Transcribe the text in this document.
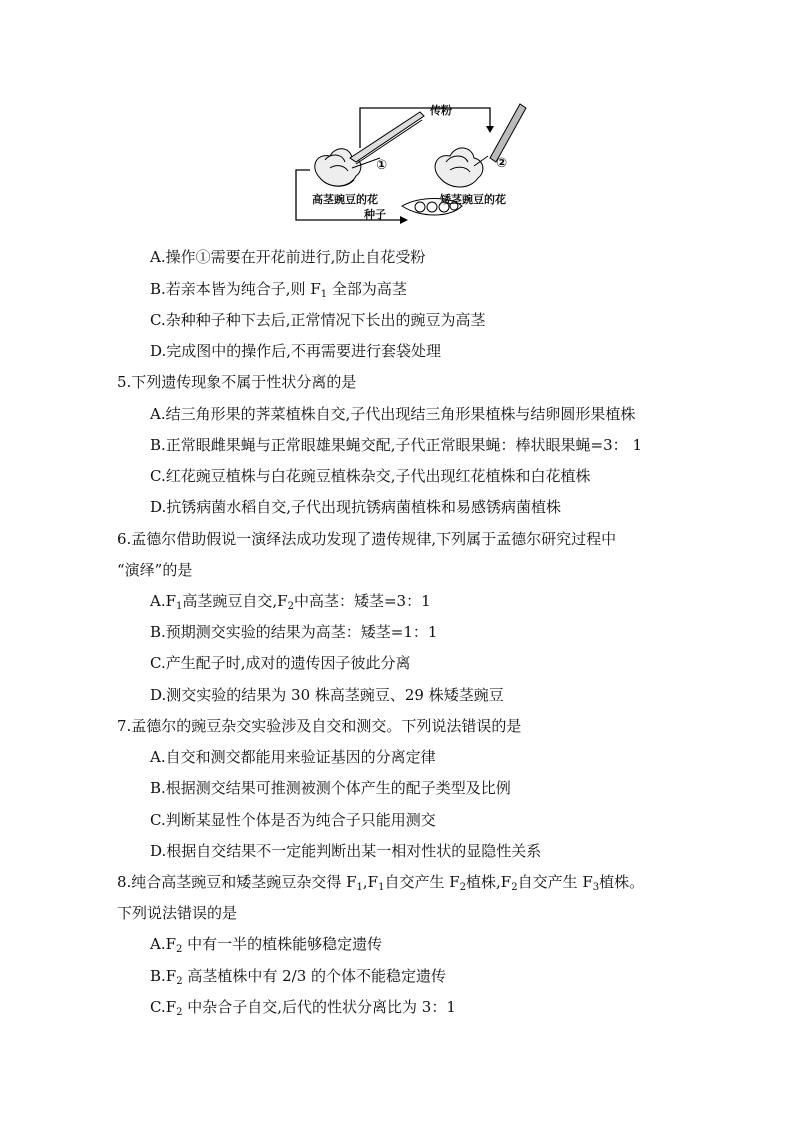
传粉
①	②
高茎豌豆的花	矮茎豌豆的花
种子
A.操作①需要在开花前进行,防止自花受粉
B.若亲本皆为纯合子,则 $F_1$ 全部为高茎
C.杂种种子种下去后,正常情况下长出的豌豆为高茎
D.完成图中的操作后,不再需要进行套袋处理
5.下列遗传现象不属于性状分离的是
A.结三角形果的荠菜植株自交,子代出现结三角形果植株与结卵圆形果植株
B.正常眼雌果蝇与正常眼雄果蝇交配,子代正常眼果蝇：棒状眼果蝇=3： 1
C.红花豌豆植株与白花豌豆植株杂交,子代出现红花植株和白花植株
D.抗锈病菌水稻自交,子代出现抗锈病菌植株和易感锈病菌植株
6.孟德尔借助假说一演绎法成功发现了遗传规律,下列属于孟德尔研究过程中
“演绎”的是
$A.F_1$高茎豌豆自交$,F_2$中高茎：矮茎=3：1
B.预期测交实验的结果为高茎：矮茎=1：1
C.产生配子时,成对的遗传因子彼此分离
D.测交实验的结果为 30 株高茎豌豆、29 株矮茎豌豆
7.孟德尔的豌豆杂交实验涉及自交和测交。下列说法错误的是
A.自交和测交都能用来验证基因的分离定律
B.根据测交结果可推测被测个体产生的配子类型及比例
C.判断某显性个体是否为纯合子只能用测交
D.根据自交结果不一定能判断出某一相对性状的显隐性关系
8.纯合高茎豌豆和矮茎豌豆杂交得 $F_1,F_1$自交产生 $F_2$植株$,F_2$自交产生 $F_3$植株。
下列说法错误的是
$A.F_2$ 中有一半的植株能够稳定遗传
$B.F_2$ 高茎植株中有 2/3 的个体不能稳定遗传
$C.F_2$ 中杂合子自交,后代的性状分离比为 3：1
